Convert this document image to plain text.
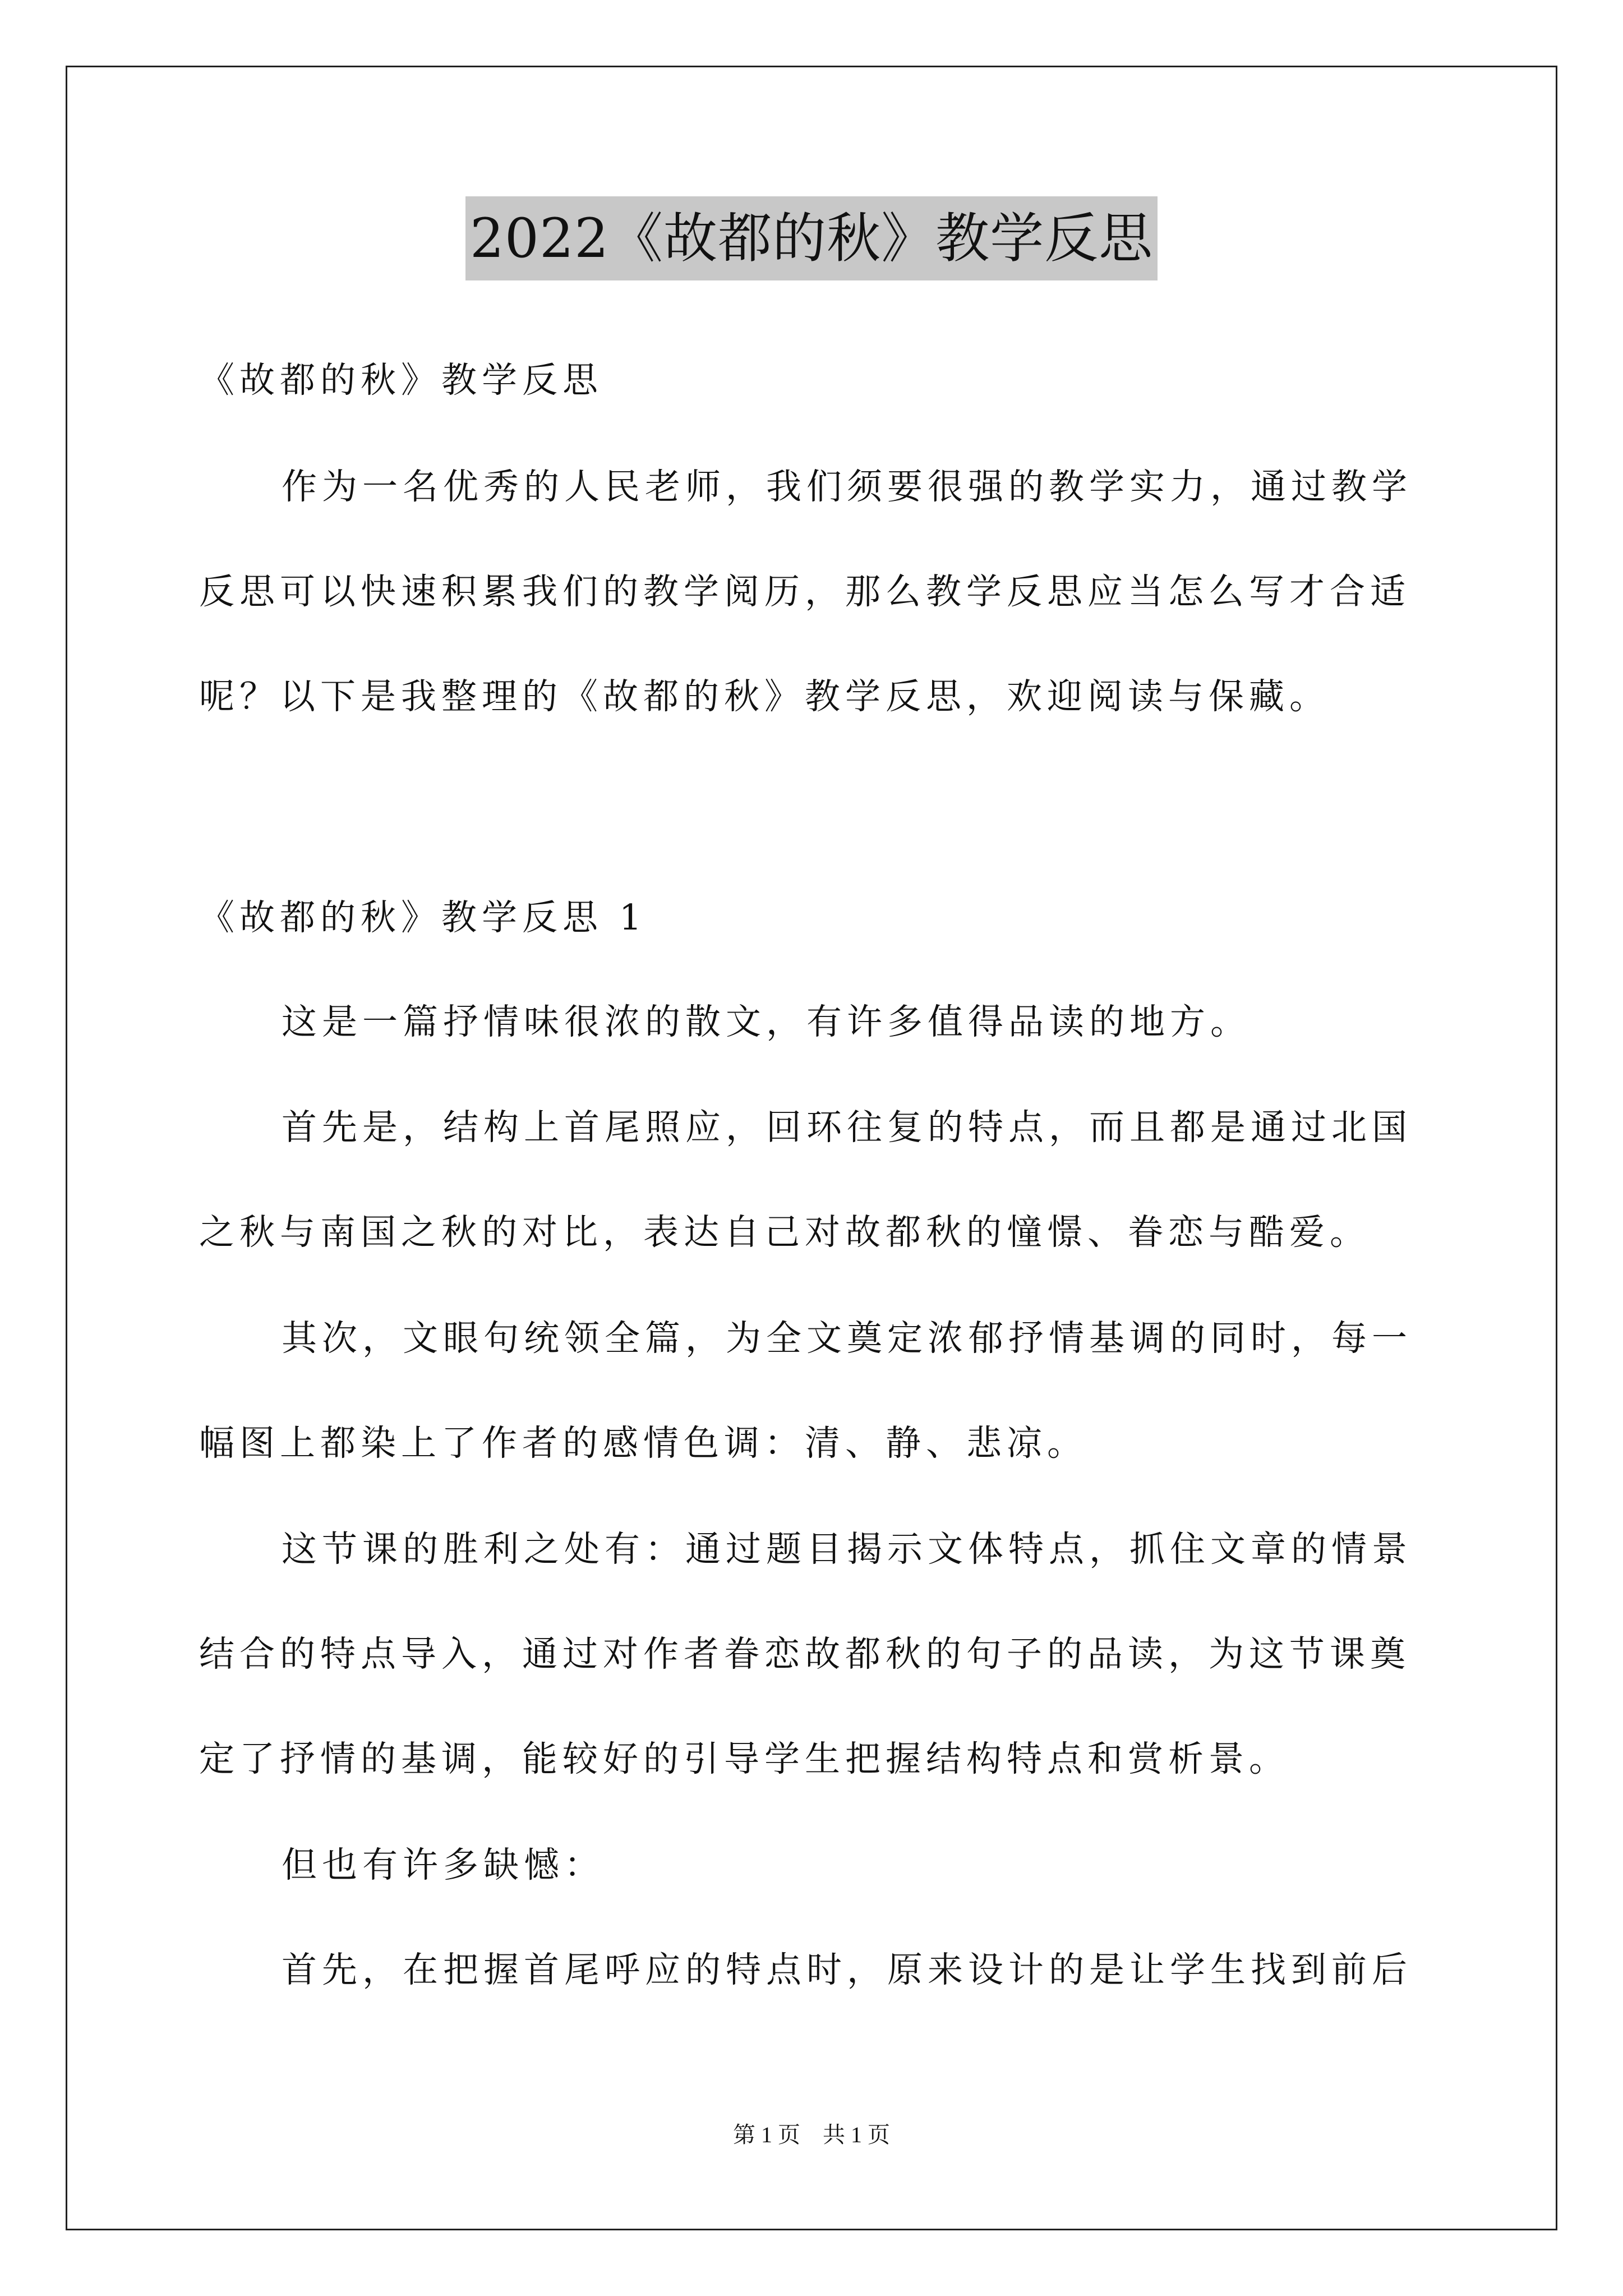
2022《故都的秋》教学反思
《故都的秋》教学反思
作为一名优秀的人民老师，我们须要很强的教学实力，通过教学
反思可以快速积累我们的教学阅历，那么教学反思应当怎么写才合适
呢？以下是我整理的《故都的秋》教学反思，欢迎阅读与保藏。
《故都的秋》教学反思 1
这是一篇抒情味很浓的散文，有许多值得品读的地方。
首先是，结构上首尾照应，回环往复的特点，而且都是通过北国
之秋与南国之秋的对比，表达自己对故都秋的憧憬、眷恋与酷爱。
其次，文眼句统领全篇，为全文奠定浓郁抒情基调的同时，每一
幅图上都染上了作者的感情色调：清、静、悲凉。
这节课的胜利之处有：通过题目揭示文体特点，抓住文章的情景
结合的特点导入，通过对作者眷恋故都秋的句子的品读，为这节课奠
定了抒情的基调，能较好的引导学生把握结构特点和赏析景。
但也有许多缺憾：
首先，在把握首尾呼应的特点时，原来设计的是让学生找到前后
第 1 页　共 1 页
